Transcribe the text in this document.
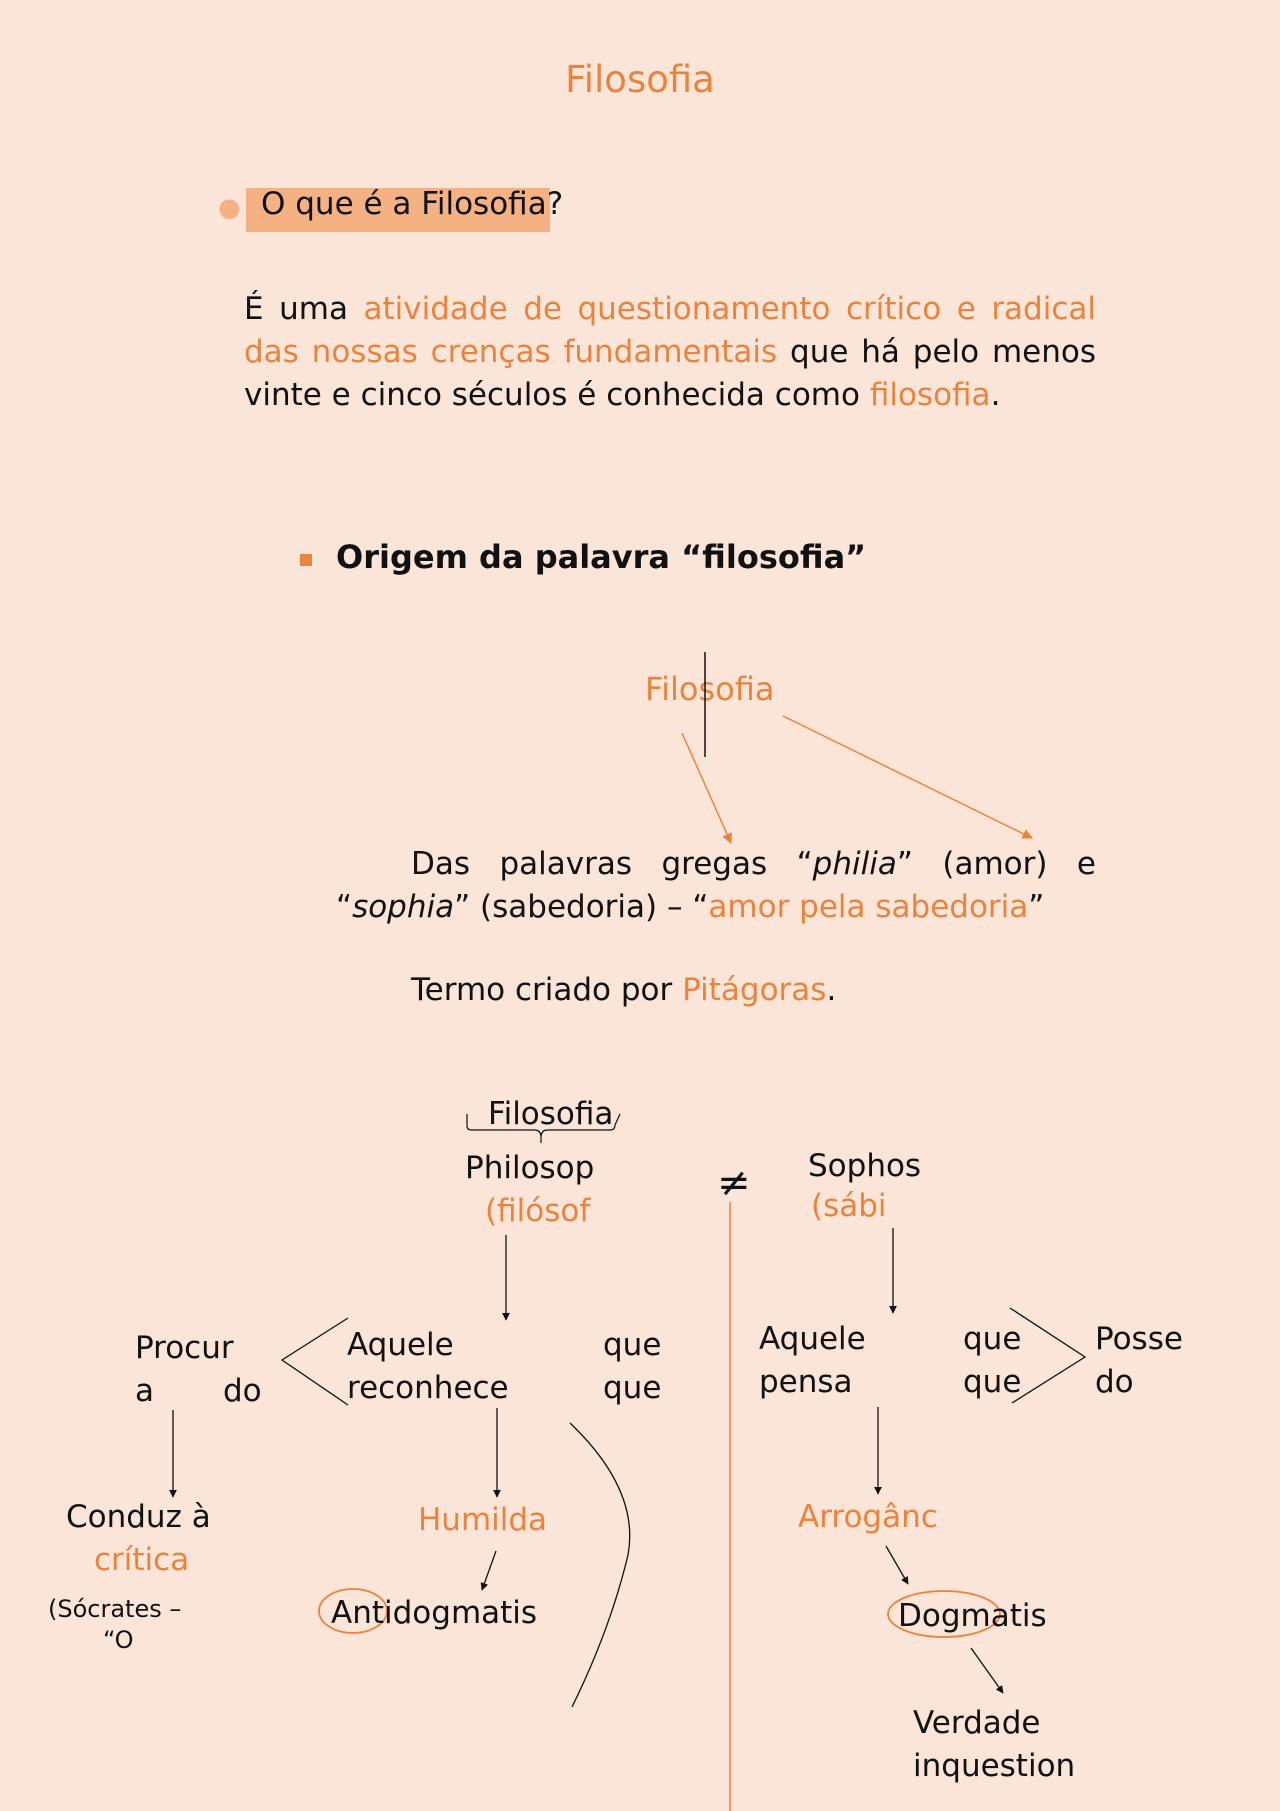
Filosofia
● O que é a Filosofia?
É uma atividade de questionamento crítico e radical das nossas crenças fundamentais que há pelo menos vinte e cinco séculos é conhecida como filosofia.
Origem da palavra “filosofia”
Filosofia
Das palavras gregas “philia” (amor) e “sophia” (sabedoria) – “amor pela sabedoria”
Termo criado por Pitágoras.
Filosofia
Philosop
(filósof
≠ Sophos
(sábi
Aquele	que
reconhece	que
Procur
a do
Conduz à
crítica
(Sócrates –
“O
Humilda
Antidogmatis
Aquele	que
pensa	que
Posse
do
Arrogânc
Dogmatis
Verdade
inquestion
